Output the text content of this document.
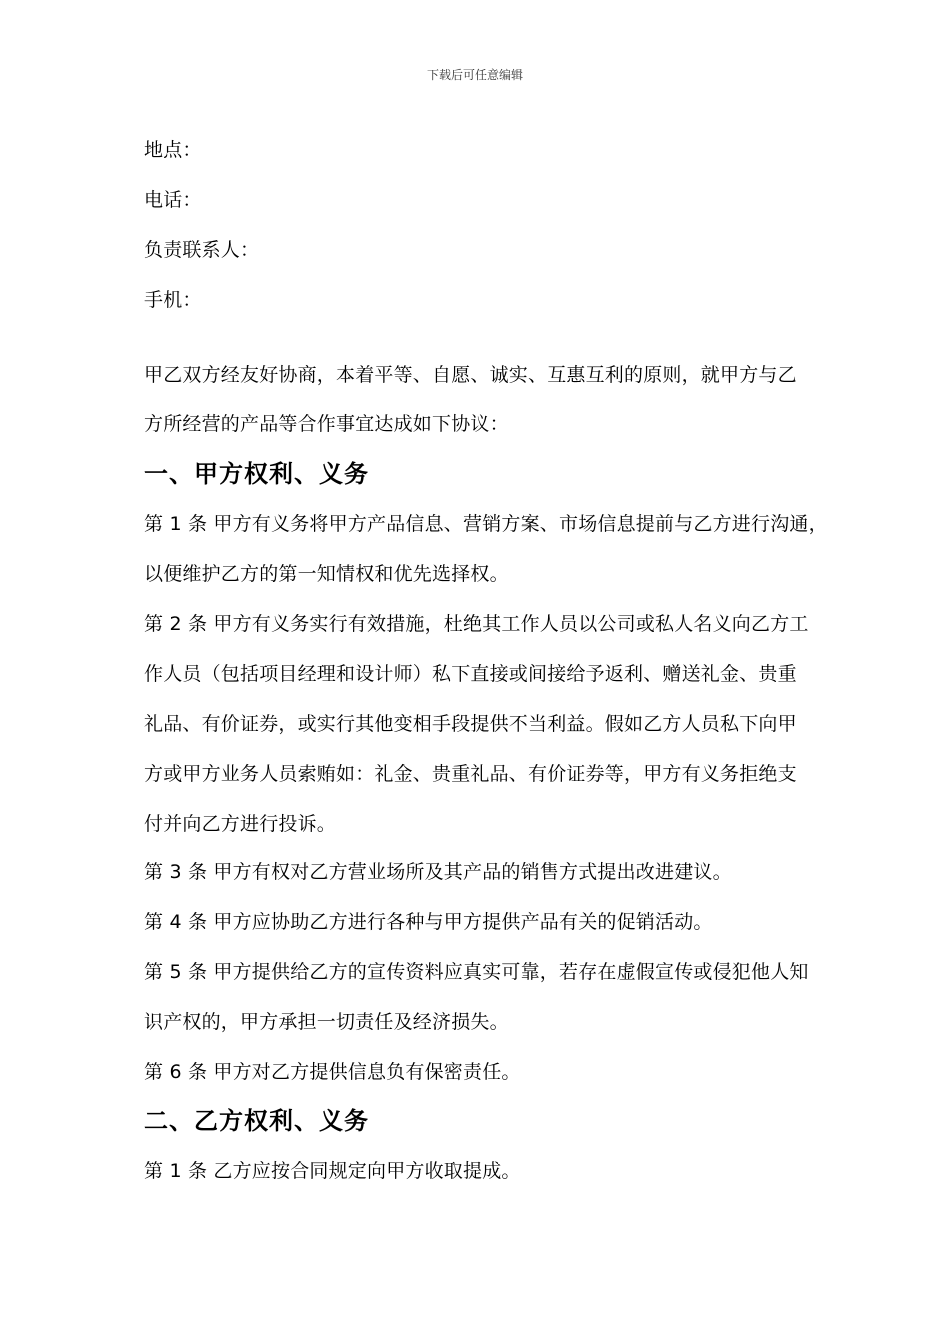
下载后可任意编辑
地点：
电话：
负责联系人：
手机：
甲乙双方经友好协商，本着平等、自愿、诚实、互惠互利的原则，就甲方与乙
方所经营的产品等合作事宜达成如下协议：
一、甲方权利、义务
第 1 条 甲方有义务将甲方产品信息、营销方案、市场信息提前与乙方进行沟通，
以便维护乙方的第一知情权和优先选择权。
第 2 条 甲方有义务实行有效措施，杜绝其工作人员以公司或私人名义向乙方工
作人员（包括项目经理和设计师）私下直接或间接给予返利、赠送礼金、贵重
礼品、有价证券，或实行其他变相手段提供不当利益。假如乙方人员私下向甲
方或甲方业务人员索贿如：礼金、贵重礼品、有价证券等，甲方有义务拒绝支
付并向乙方进行投诉。
第 3 条 甲方有权对乙方营业场所及其产品的销售方式提出改进建议。
第 4 条 甲方应协助乙方进行各种与甲方提供产品有关的促销活动。
第 5 条 甲方提供给乙方的宣传资料应真实可靠，若存在虚假宣传或侵犯他人知
识产权的，甲方承担一切责任及经济损失。
第 6 条 甲方对乙方提供信息负有保密责任。
二、乙方权利、义务
第 1 条 乙方应按合同规定向甲方收取提成。
